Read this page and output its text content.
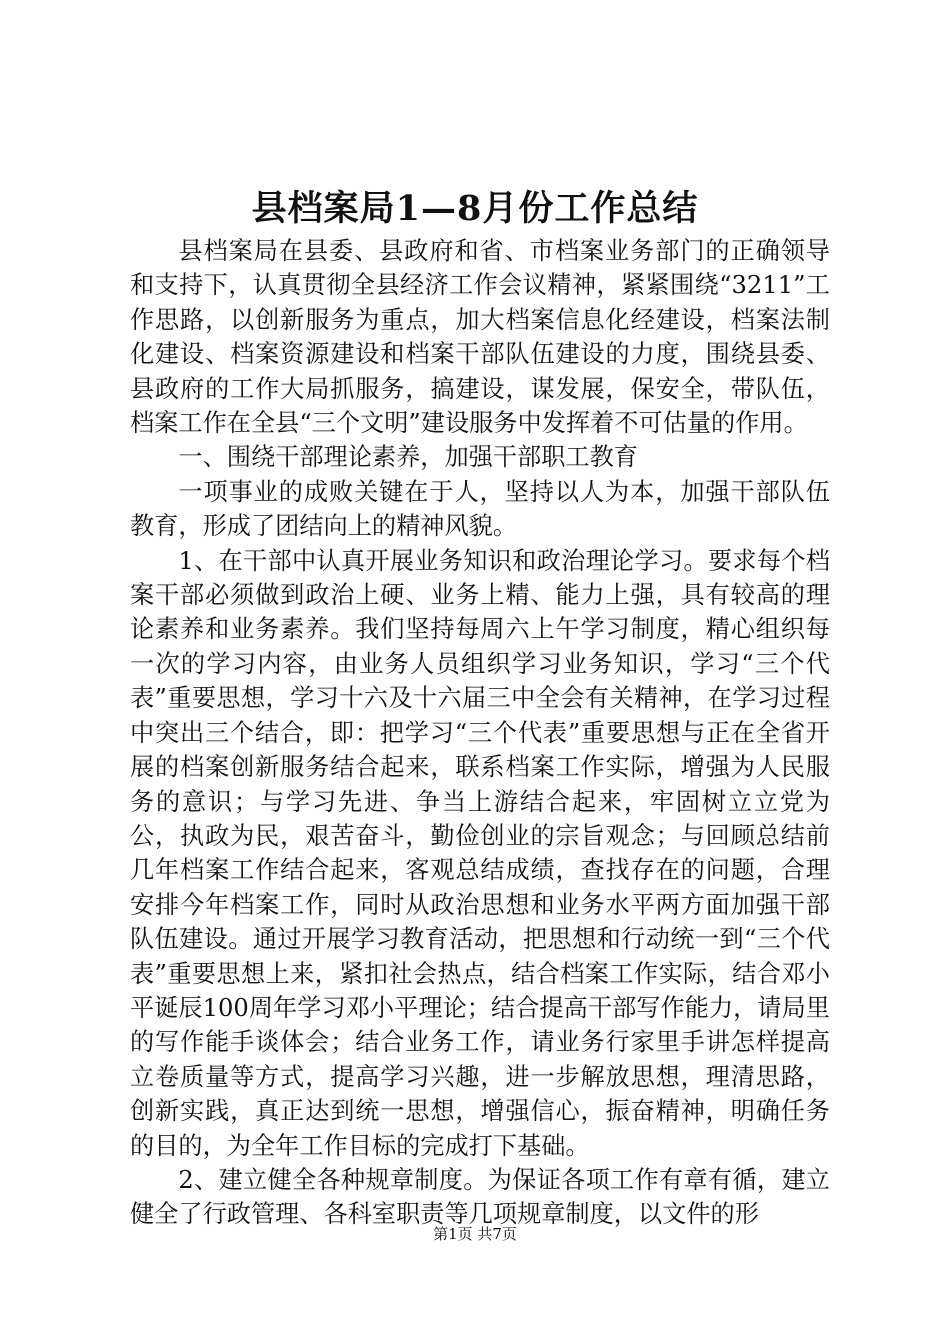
县档案局1—8月份工作总结

县档案局在县委、县政府和省、市档案业务部门的正确领导和支持下，认真贯彻全县经济工作会议精神，紧紧围绕“3211”工作思路，以创新服务为重点，加大档案信息化经建设，档案法制化建设、档案资源建设和档案干部队伍建设的力度，围绕县委、县政府的工作大局抓服务，搞建设，谋发展，保安全，带队伍，档案工作在全县“三个文明”建设服务中发挥着不可估量的作用。

一、围绕干部理论素养，加强干部职工教育

一项事业的成败关键在于人，坚持以人为本，加强干部队伍教育，形成了团结向上的精神风貌。

1、在干部中认真开展业务知识和政治理论学习。要求每个档案干部必须做到政治上硬、业务上精、能力上强，具有较高的理论素养和业务素养。我们坚持每周六上午学习制度，精心组织每一次的学习内容，由业务人员组织学习业务知识，学习“三个代表”重要思想，学习十六及十六届三中全会有关精神，在学习过程中突出三个结合，即：把学习“三个代表”重要思想与正在全省开展的档案创新服务结合起来，联系档案工作实际，增强为人民服务的意识；与学习先进、争当上游结合起来，牢固树立立党为公，执政为民，艰苦奋斗，勤俭创业的宗旨观念；与回顾总结前几年档案工作结合起来，客观总结成绩，查找存在的问题，合理安排今年档案工作，同时从政治思想和业务水平两方面加强干部队伍建设。通过开展学习教育活动，把思想和行动统一到“三个代表”重要思想上来，紧扣社会热点，结合档案工作实际，结合邓小平诞辰100周年学习邓小平理论；结合提高干部写作能力，请局里的写作能手谈体会；结合业务工作，请业务行家里手讲怎样提高立卷质量等方式，提高学习兴趣，进一步解放思想，理清思路，创新实践，真正达到统一思想，增强信心，振奋精神，明确任务的目的，为全年工作目标的完成打下基础。

2、建立健全各种规章制度。为保证各项工作有章有循，建立健全了行政管理、各科室职责等几项规章制度，以文件的形

第1页 共7页
